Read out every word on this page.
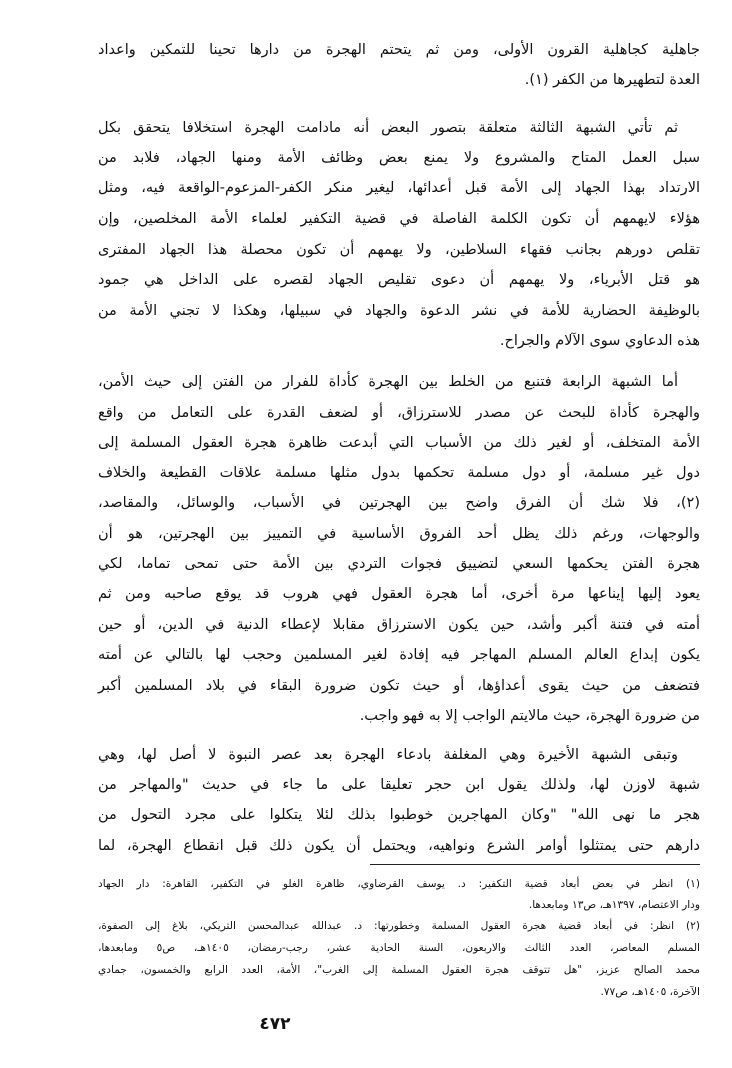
جاهلية كجاهلية القرون الأولى، ومن ثم يتحتم الهجرة من دارها تحينا للتمكين واعداد
العدة لتطهيرها من الكفر (١).
ثم تأتي الشبهة الثالثة متعلقة بتصور البعض أنه مادامت الهجرة استخلافا يتحقق بكل
سبل العمل المتاح والمشروع ولا يمنع بعض وظائف الأمة ومنها الجهاد، فلابد من
الارتداد بهذا الجهاد إلى الأمة قبل أعدائها، ليغير منكر الكفر-المزعوم-الواقعة فيه، ومثل
هؤلاء لايهمهم أن تكون الكلمة الفاصلة في قضية التكفير لعلماء الأمة المخلصين، وإن
تقلص دورهم بجانب فقهاء السلاطين، ولا يهمهم أن تكون محصلة هذا الجهاد المفترى
هو قتل الأبرياء، ولا يهمهم أن دعوى تقليص الجهاد لقصره على الداخل هي جمود
بالوظيفة الحضارية للأمة في نشر الدعوة والجهاد في سبيلها، وهكذا لا تجني الأمة من
هذه الدعاوي سوى الآلام والجراح.
أما الشبهة الرابعة فتنبع من الخلط بين الهجرة كأداة للفرار من الفتن إلى حيث الأمن،
والهجرة كأداة للبحث عن مصدر للاسترزاق، أو لضعف القدرة على التعامل من واقع
الأمة المتخلف، أو لغير ذلك من الأسباب التي أبدعت ظاهرة هجرة العقول المسلمة إلى
دول غير مسلمة، أو دول مسلمة تحكمها بدول مثلها مسلمة علاقات القطيعة والخلاف
(٢)، فلا شك أن الفرق واضح بين الهجرتين في الأسباب، والوسائل، والمقاصد،
والوجهات، ورغم ذلك يظل أحد الفروق الأساسية في التمييز بين الهجرتين، هو أن
هجرة الفتن يحكمها السعي لتضييق فجوات التردي بين الأمة حتى تمحى تماما، لكي
يعود إليها إيناعها مرة أخرى، أما هجرة العقول فهي هروب قد يوقع صاحبه ومن ثم
أمته في فتنة أكبر وأشد، حين يكون الاسترزاق مقابلا لإعطاء الدنية في الدين، أو حين
يكون إبداع العالم المسلم المهاجر فيه إفادة لغير المسلمين وحجب لها بالتالي عن أمته
فتضعف من حيث يقوى أعداؤها، أو حيث تكون ضرورة البقاء في بلاد المسلمين أكبر
من ضرورة الهجرة، حيث مالايتم الواجب إلا به فهو واجب.
وتبقى الشبهة الأخيرة وهي المغلفة بادعاء الهجرة بعد عصر النبوة لا أصل لها، وهي
شبهة لاوزن لها، ولذلك يقول ابن حجر تعليقا على ما جاء في حديث "والمهاجر من
هجر ما نهى الله" "وكان المهاجرين خوطبوا بذلك لئلا يتكلوا على مجرد التحول من
دارهم حتى يمتثلوا أوامر الشرع ونواهيه، ويحتمل أن يكون ذلك قبل انقطاع الهجرة، لما
(١) انظر في بعض أبعاد قضية التكفير: د. يوسف القرضاوي، ظاهرة الغلو في التكفير، القاهرة: دار الجهاد
ودار الاعتصام، ١٣٩٧هـ، ص١٣ ومابعدها.
(٢) انظر: في أبعاد قضية هجرة العقول المسلمة وخطورتها: د. عبدالله عبدالمحسن التريكي، بلاغ إلى الصفوة،
المسلم المعاصر، العدد الثالث والاربعون، السنة الحادية عشر، رجب-رمضان، ١٤٠٥هـ، ص٥ ومابعدها،
محمد الصالح عزيز، "هل تتوقف هجرة العقول المسلمة إلى الغرب"، الأمة، العدد الرابع والخمسون، جمادي
الآخرة، ١٤٠٥هـ، ص٧٧.
٤٧٢
